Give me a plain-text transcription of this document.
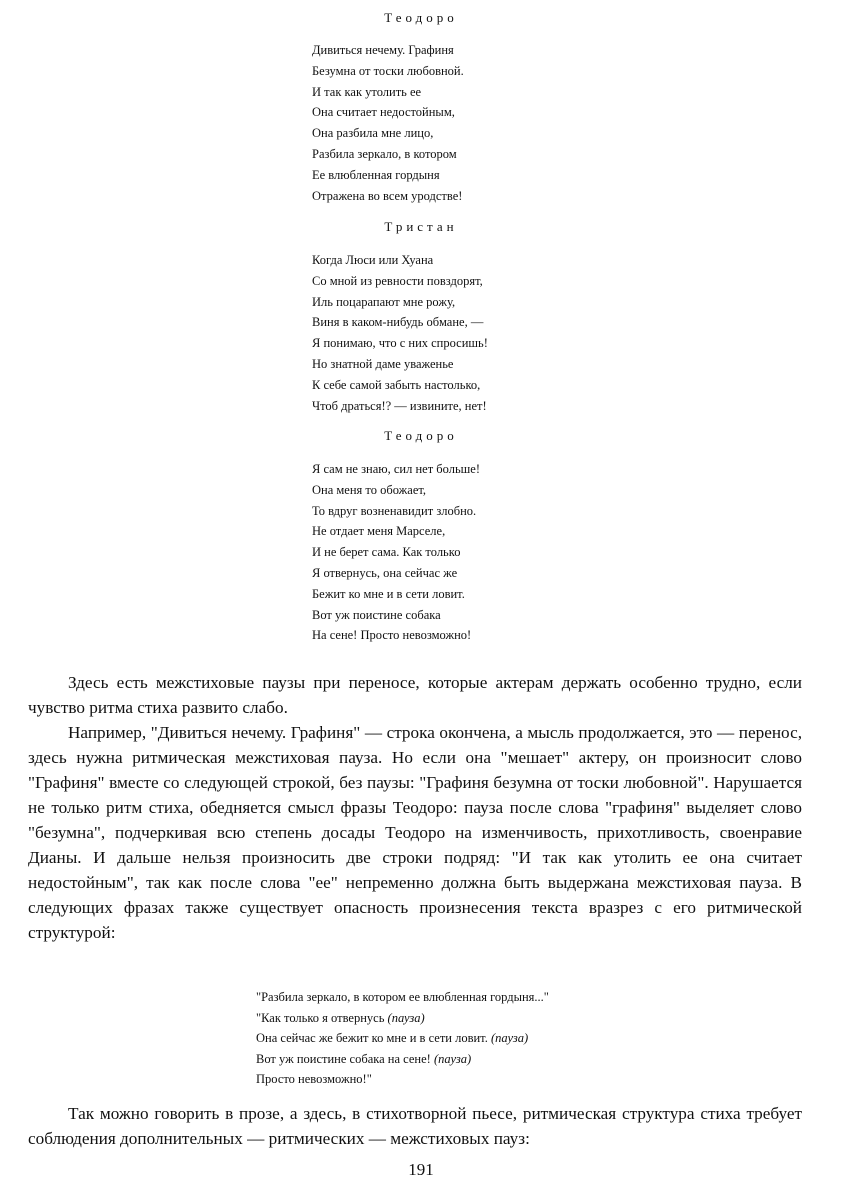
Теодоро
Дивиться нечему. Графиня
Безумна от тоски любовной.
И так как утолить ее
Она считает недостойным,
Она разбила мне лицо,
Разбила зеркало, в котором
Ее влюбленная гордыня
Отражена во всем уродстве!
Тристан
Когда Люси или Хуана
Со мной из ревности повздорят,
Иль поцарапают мне рожу,
Виня в каком-нибудь обмане, —
Я понимаю, что с них спросишь!
Но знатной даме уваженье
К себе самой забыть настолько,
Чтоб драться!? — извините, нет!
Теодоро
Я сам не знаю, сил нет больше!
Она меня то обожает,
То вдруг возненавидит злобно.
Не отдает меня Марселе,
И не берет сама. Как только
Я отвернусь, она сейчас же
Бежит ко мне и в сети ловит.
Вот уж поистине собака
На сене! Просто невозможно!

Здесь есть межстиховые паузы при переносе, которые актерам держать особенно трудно, если чувство ритма стиха развито слабо.

Например, "Дивиться нечему. Графиня" — строка окончена, а мысль продолжается, это — перенос, здесь нужна ритмическая межстиховая пауза. Но если она "мешает" актеру, он произносит слово "Графиня" вместе со следующей строкой, без паузы: "Графиня безумна от тоски любовной". Нарушается не только ритм стиха, обедняется смысл фразы Теодоро: пауза после слова "графиня" выделяет слово "безумна", подчеркивая всю степень досады Теодоро на изменчивость, прихотливость, своенравие Дианы. И дальше нельзя произносить две строки подряд: "И так как утолить ее она считает недостойным", так как после слова "ее" непременно должна быть выдержана межстиховая пауза. В следующих фразах также существует опасность произнесения текста вразрез с его ритмической структурой:

"Разбила зеркало, в котором ее влюбленная гордыня..."
"Как только я отвернусь (пауза)
Она сейчас же бежит ко мне и в сети ловит. (пауза)
Вот уж поистине собака на сене! (пауза)
Просто невозможно!"

Так можно говорить в прозе, а здесь, в стихотворной пьесе, ритмическая структура стиха требует соблюдения дополнительных — ритмических — межстиховых пауз:

191
